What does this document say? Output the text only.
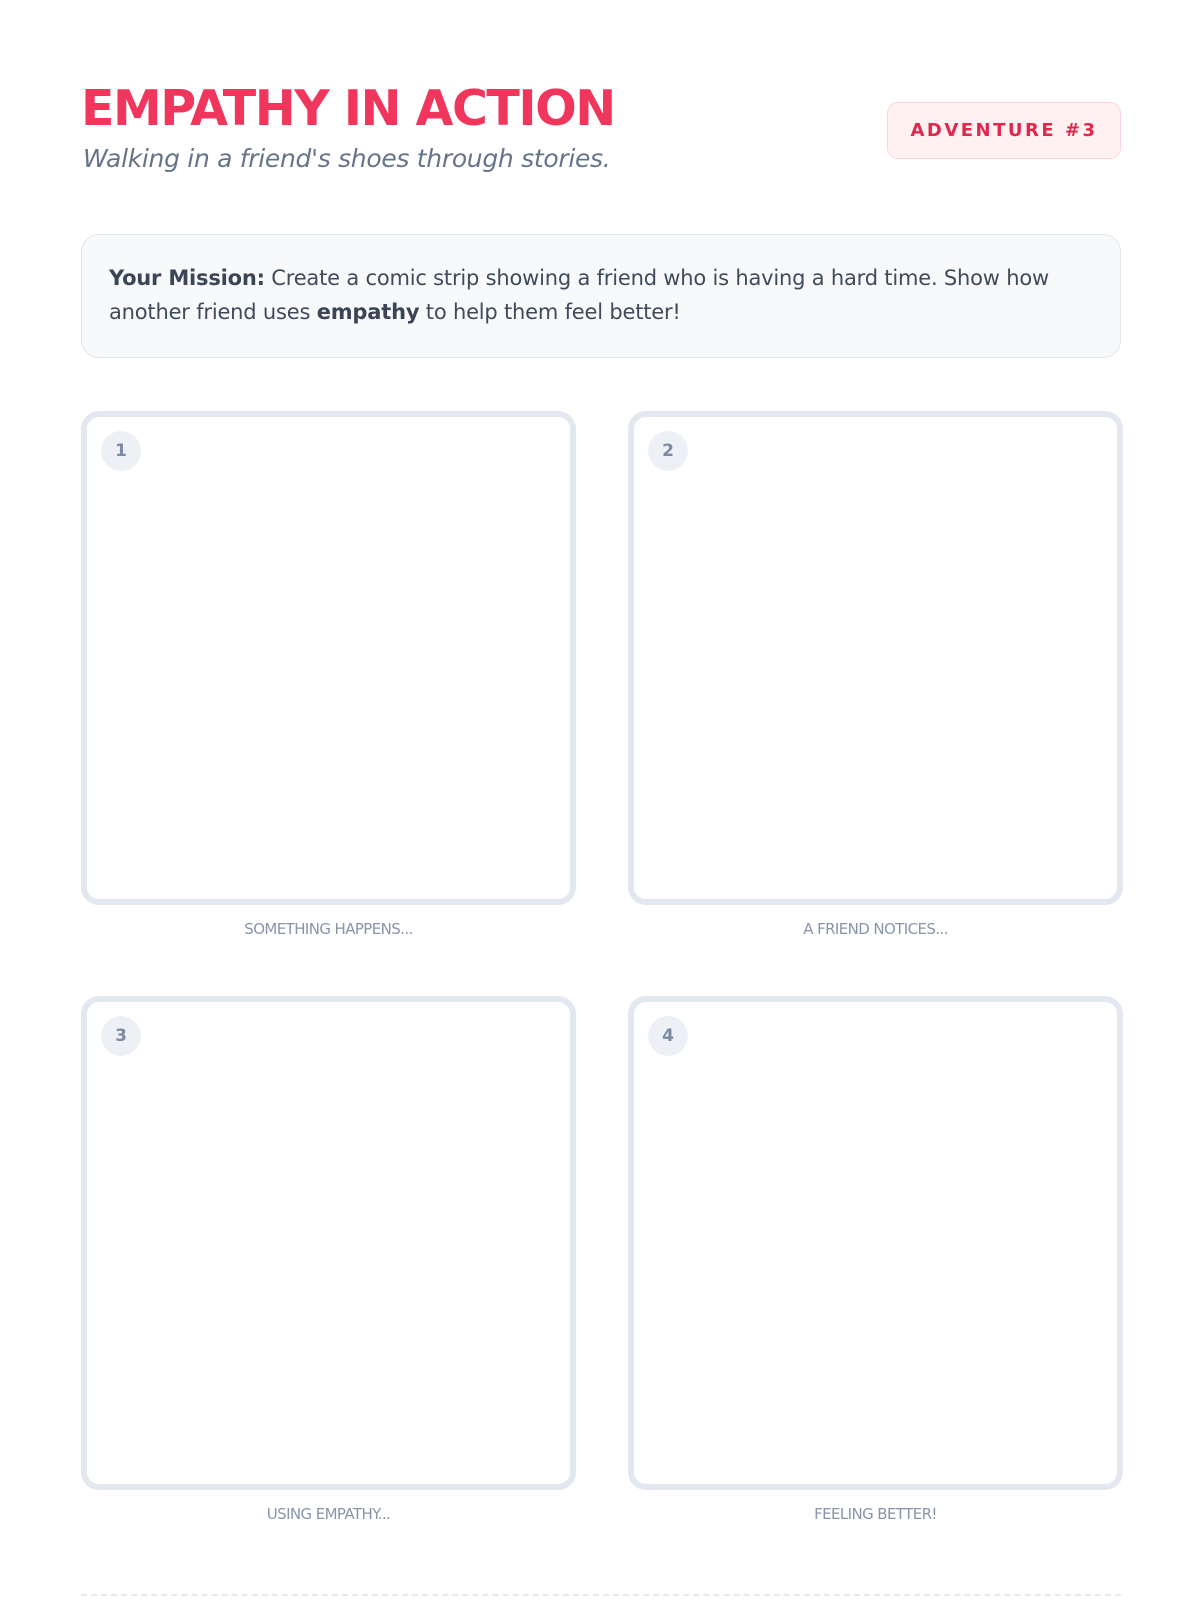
EMPATHY IN ACTION

Walking in a friend's shoes through stories.

ADVENTURE #3
Your Mission: Create a comic strip showing a friend who is having a hard time. Show how another friend uses empathy to help them feel better!
1
SOMETHING HAPPENS...
2
A FRIEND NOTICES...
3
USING EMPATHY...
4
FEELING BETTER!
